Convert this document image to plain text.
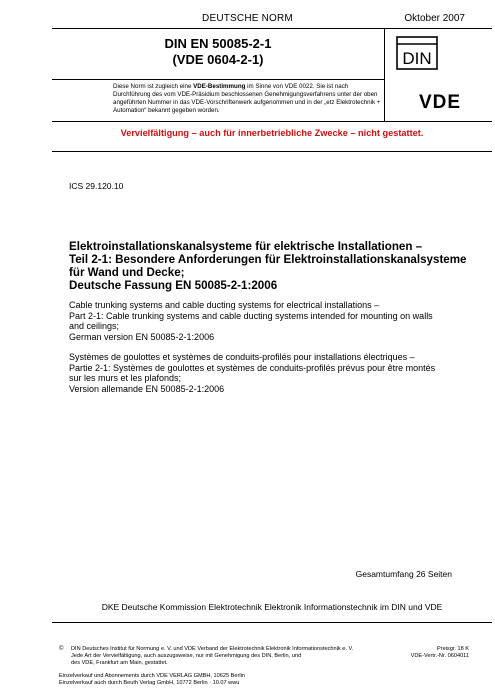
DEUTSCHE NORM	Oktober 2007
DIN EN 50085-2-1
(VDE 0604-2-1)	DIN
Diese Norm ist zugleich eine VDE-Bestimmung im Sinne von VDE 0022. Sie ist nach Durchführung des vom VDE-Präsidium beschlossenen Genehmigungsverfahrens unter der oben angeführten Nummer in das VDE-Vorschriftenwerk aufgenommen und in der „etz Elektrotechnik + Automation“ bekannt gegeben worden.	VDE
Vervielfältigung – auch für innerbetriebliche Zwecke – nicht gestattet.
ICS 29.120.10
Elektroinstallationskanalsysteme für elektrische Installationen –
Teil 2-1: Besondere Anforderungen für Elektroinstallationskanalsysteme
für Wand und Decke;
Deutsche Fassung EN 50085-2-1:2006
Cable trunking systems and cable ducting systems for electrical installations –
Part 2-1: Cable trunking systems and cable ducting systems intended for mounting on walls
and ceilings;
German version EN 50085-2-1:2006
Systèmes de goulottes et systèmes de conduits-profilés pour installations électriques –
Partie 2-1: Systèmes de goulottes et systèmes de conduits-profilés prévus pour être montés
sur les murs et les plafonds;
Version allemande EN 50085-2-1:2006
Gesamtumfang 26 Seiten
DKE Deutsche Kommission Elektrotechnik Elektronik Informationstechnik im DIN und VDE
©	DIN Deutsches Institut für Normung e. V. und VDE Verband der Elektrotechnik Elektronik Informationstechnik e. V.
Jede Art der Vervielfältigung, auch auszugsweise, nur mit Genehmigung des DIN, Berlin, und
des VDE, Frankfurt am Main, gestattet.
Preisgr. 18 K
VDE-Vertr.-Nr. 0604011
Einzelverkauf und Abonnements durch VDE VERLAG GMBH, 10625 Berlin
Einzelverkauf auch durch Beuth Verlag GmbH, 10772 Berlin · 10.07 wwu
